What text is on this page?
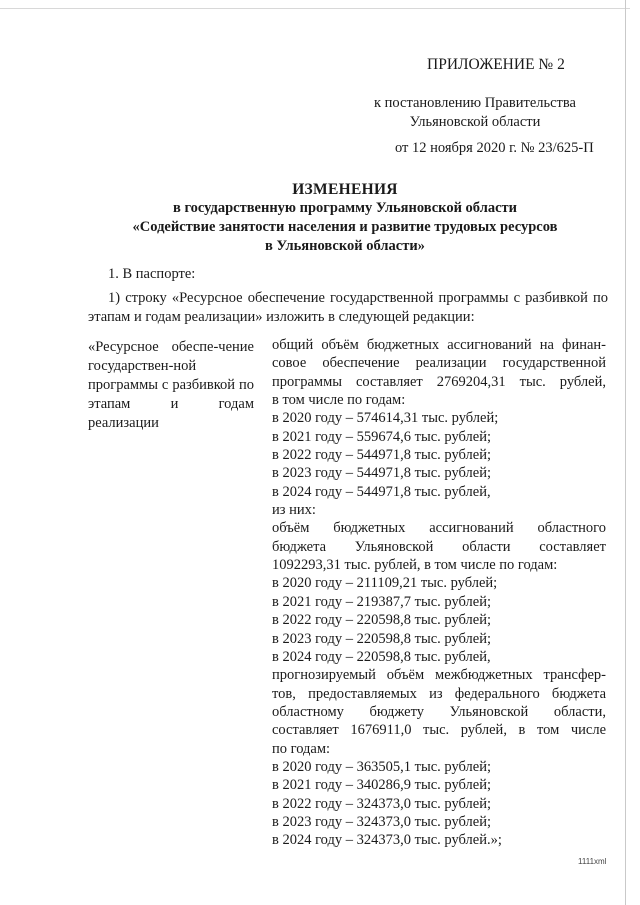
ПРИЛОЖЕНИЕ № 2
к постановлению Правительства
Ульяновской области
от 12 ноября 2020 г. № 23/625-П
ИЗМЕНЕНИЯ
в государственную программу Ульяновской области
«Содействие занятости населения и развитие трудовых ресурсов
в Ульяновской области»
1. В паспорте:
1) строку «Ресурсное обеспечение государственной программы с разбивкой по этапам и годам реализации» изложить в следующей редакции:
«Ресурсное обеспе-чение государствен-ной программы с разбивкой по этапам и годам реализации
общий объём бюджетных ассигнований на финан-
совое обеспечение реализации государственной
программы составляет 2769204,31 тыс. рублей,
в том числе по годам:
в 2020 году – 574614,31 тыс. рублей;
в 2021 году – 559674,6 тыс. рублей;
в 2022 году – 544971,8 тыс. рублей;
в 2023 году – 544971,8 тыс. рублей;
в 2024 году – 544971,8 тыс. рублей,
из них:
объём бюджетных ассигнований областного
бюджета Ульяновской области составляет
1092293,31 тыс. рублей, в том числе по годам:
в 2020 году – 211109,21 тыс. рублей;
в 2021 году – 219387,7 тыс. рублей;
в 2022 году – 220598,8 тыс. рублей;
в 2023 году – 220598,8 тыс. рублей;
в 2024 году – 220598,8 тыс. рублей,
прогнозируемый объём межбюджетных трансфер-
тов, предоставляемых из федерального бюджета
областному бюджету Ульяновской области,
составляет 1676911,0 тыс. рублей, в том числе
по годам:
в 2020 году – 363505,1 тыс. рублей;
в 2021 году – 340286,9 тыс. рублей;
в 2022 году – 324373,0 тыс. рублей;
в 2023 году – 324373,0 тыс. рублей;
в 2024 году – 324373,0 тыс. рублей.»;
1111xml
